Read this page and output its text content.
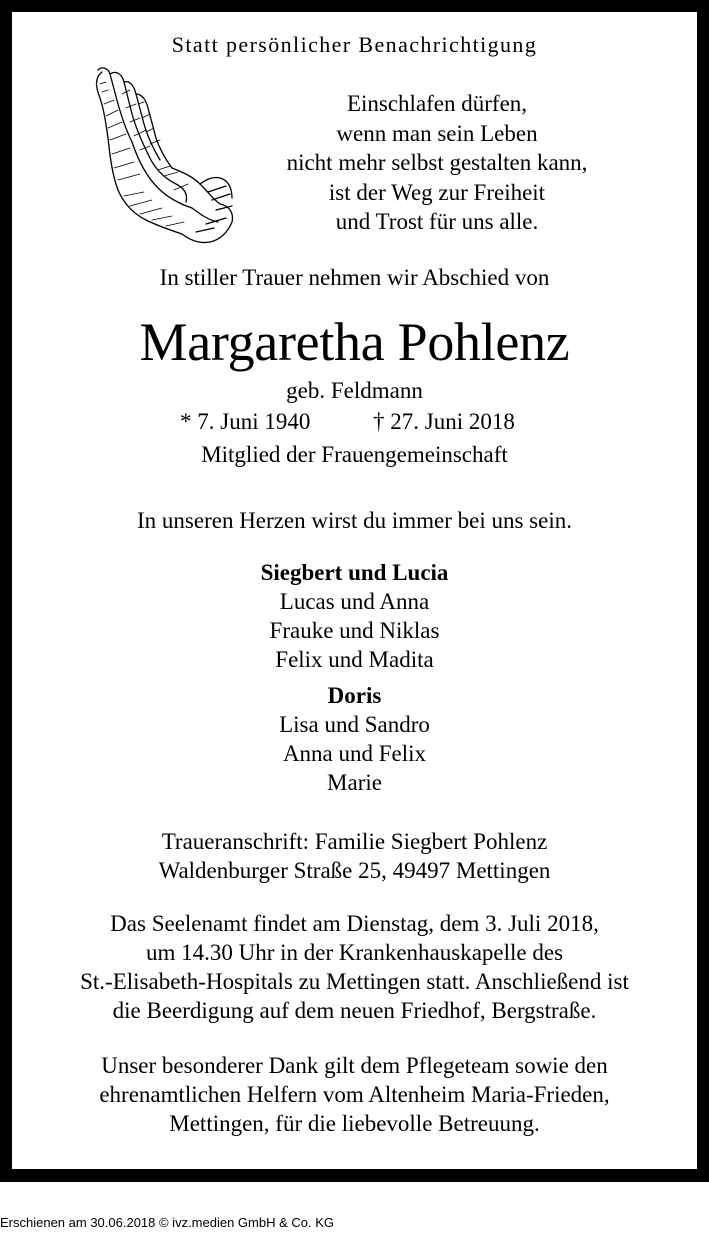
Statt persönlicher Benachrichtigung
Einschlafen dürfen,
wenn man sein Leben
nicht mehr selbst gestalten kann,
ist der Weg zur Freiheit
und Trost für uns alle.
In stiller Trauer nehmen wir Abschied von
Margaretha Pohlenz
geb. Feldmann
* 7. Juni 1940	† 27. Juni 2018
Mitglied der Frauengemeinschaft
In unseren Herzen wirst du immer bei uns sein.
Siegbert und Lucia
Lucas und Anna
Frauke und Niklas
Felix und Madita
Doris
Lisa und Sandro
Anna und Felix
Marie
Traueranschrift: Familie Siegbert Pohlenz
Waldenburger Straße 25, 49497 Mettingen
Das Seelenamt findet am Dienstag, dem 3. Juli 2018,
um 14.30 Uhr in der Krankenhauskapelle des
St.-Elisabeth-Hospitals zu Mettingen statt. Anschließend ist
die Beerdigung auf dem neuen Friedhof, Bergstraße.
Unser besonderer Dank gilt dem Pflegeteam sowie den
ehrenamtlichen Helfern vom Altenheim Maria-Frieden,
Mettingen, für die liebevolle Betreuung.
Erschienen am 30.06.2018 © ivz.medien GmbH & Co. KG
